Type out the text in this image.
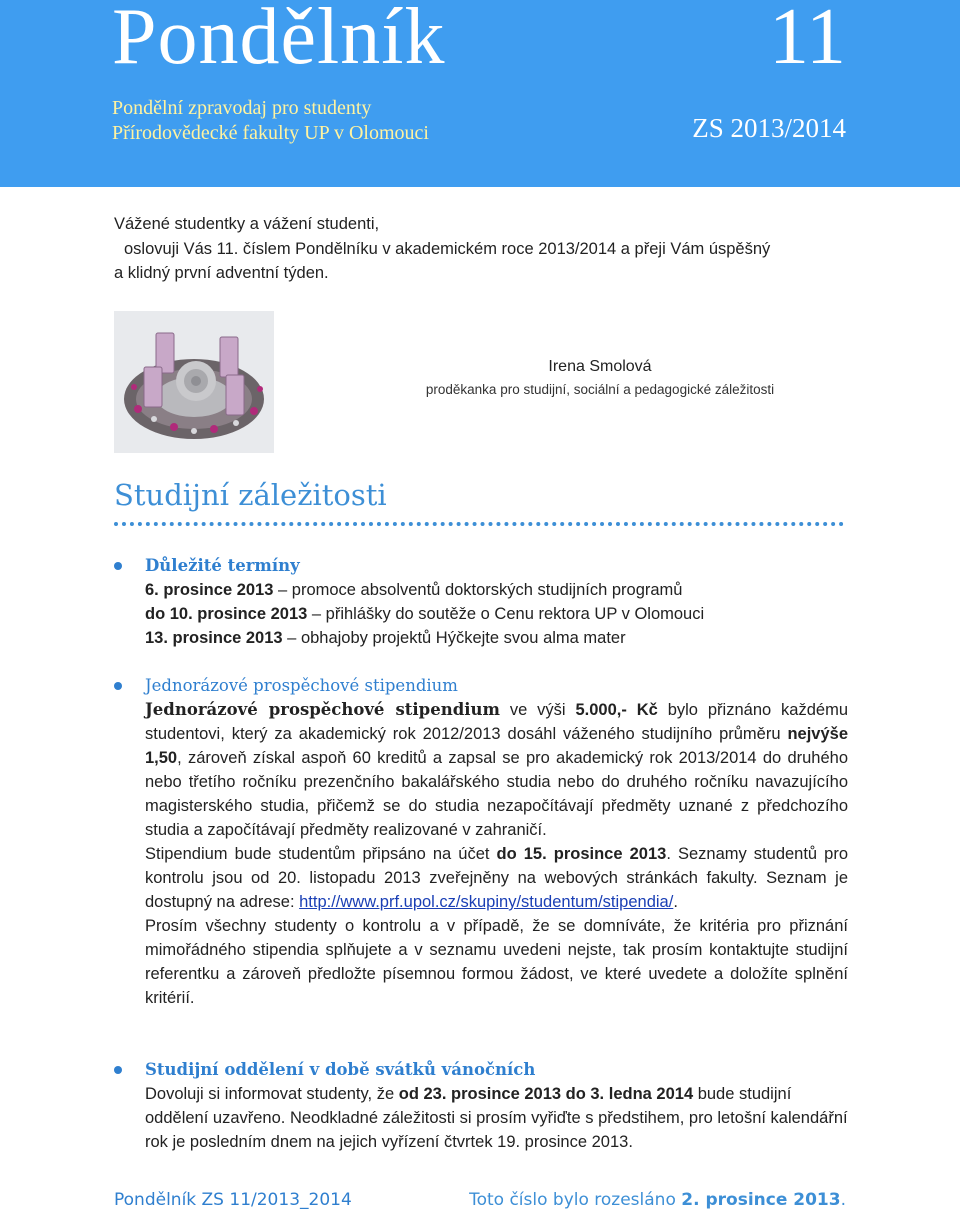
Pondělník	11
Pondělní zpravodaj pro studenty
Přírodovědecké fakulty UP v Olomouci	ZS 2013/2014
Vážené studentky a vážení studenti,
oslovuji Vás 11. číslem Pondělníku v akademickém roce 2013/2014 a přeji Vám úspěšný
a klidný první adventní týden.
Irena Smolová
proděkanka pro studijní, sociální a pedagogické záležitosti
Studijní záležitosti
Důležité termíny
6. prosince 2013 – promoce absolventů doktorských studijních programů
do 10. prosince 2013 – přihlášky do soutěže o Cenu rektora UP v Olomouci
13. prosince 2013 – obhajoby projektů Hýčkejte svou alma mater
Jednorázové prospěchové stipendium
Jednorázové prospěchové stipendium ve výši 5.000,- Kč bylo přiznáno každému studentovi, který za akademický rok 2012/2013 dosáhl váženého studijního průměru nejvýše 1,50, zároveň získal aspoň 60 kreditů a zapsal se pro akademický rok 2013/2014 do druhého nebo třetího ročníku prezenčního bakalářského studia nebo do druhého ročníku navazujícího magisterského studia, přičemž se do studia nezapočítávají předměty uznané z předchozího studia a započítávají předměty realizované v zahraničí.
Stipendium bude studentům připsáno na účet do 15. prosince 2013. Seznamy studentů pro kontrolu jsou od 20. listopadu 2013 zveřejněny na webových stránkách fakulty. Seznam je dostupný na adrese: http://www.prf.upol.cz/skupiny/studentum/stipendia/.
Prosím všechny studenty o kontrolu a v případě, že se domníváte, že kritéria pro přiznání mimořádného stipendia splňujete a v seznamu uvedeni nejste, tak prosím kontaktujte studijní referentku a zároveň předložte písemnou formou žádost, ve které uvedete a doložíte splnění kritérií.
Studijní oddělení v době svátků vánočních
Dovoluji si informovat studenty, že od 23. prosince 2013 do 3. ledna 2014 bude studijní oddělení uzavřeno. Neodkladné záležitosti si prosím vyřiďte s předstihem, pro letošní kalendářní rok je posledním dnem na jejich vyřízení čtvrtek 19. prosince 2013.
Pondělník ZS 11/2013_2014	Toto číslo bylo rozesláno 2. prosince 2013.
